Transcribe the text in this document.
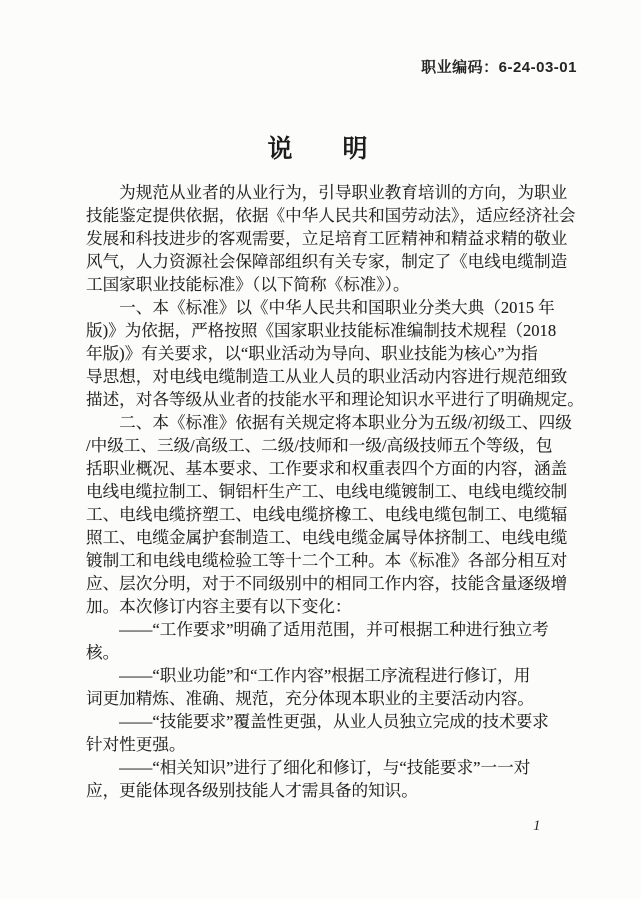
职业编码：6-24-03-01
说　　明
　　为规范从业者的从业行为，引导职业教育培训的方向，为职业
技能鉴定提供依据，依据《中华人民共和国劳动法》，适应经济社会
发展和科技进步的客观需要，立足培育工匠精神和精益求精的敬业
风气，人力资源社会保障部组织有关专家，制定了《电线电缆制造
工国家职业技能标准》（以下简称《标准》）。
　　一、本《标准》以《中华人民共和国职业分类大典（2015 年
版)》为依据，严格按照《国家职业技能标准编制技术规程（2018
年版)》有关要求，以“职业活动为导向、职业技能为核心”为指
导思想，对电线电缆制造工从业人员的职业活动内容进行规范细致
描述，对各等级从业者的技能水平和理论知识水平进行了明确规定。
　　二、本《标准》依据有关规定将本职业分为五级/初级工、四级
/中级工、三级/高级工、二级/技师和一级/高级技师五个等级，包
括职业概况、基本要求、工作要求和权重表四个方面的内容，涵盖
电线电缆拉制工、铜铝杆生产工、电线电缆镀制工、电线电缆绞制
工、电线电缆挤塑工、电线电缆挤橡工、电线电缆包制工、电缆辐
照工、电缆金属护套制造工、电线电缆金属导体挤制工、电线电缆
镀制工和电线电缆检验工等十二个工种。本《标准》各部分相互对
应、层次分明，对于不同级别中的相同工作内容，技能含量逐级增
加。本次修订内容主要有以下变化：
　　——“工作要求”明确了适用范围，并可根据工种进行独立考
核。
　　——“职业功能”和“工作内容”根据工序流程进行修订，用
词更加精炼、准确、规范，充分体现本职业的主要活动内容。
　　——“技能要求”覆盖性更强，从业人员独立完成的技术要求
针对性更强。
　　——“相关知识”进行了细化和修订，与“技能要求”一一对
应，更能体现各级别技能人才需具备的知识。
1
